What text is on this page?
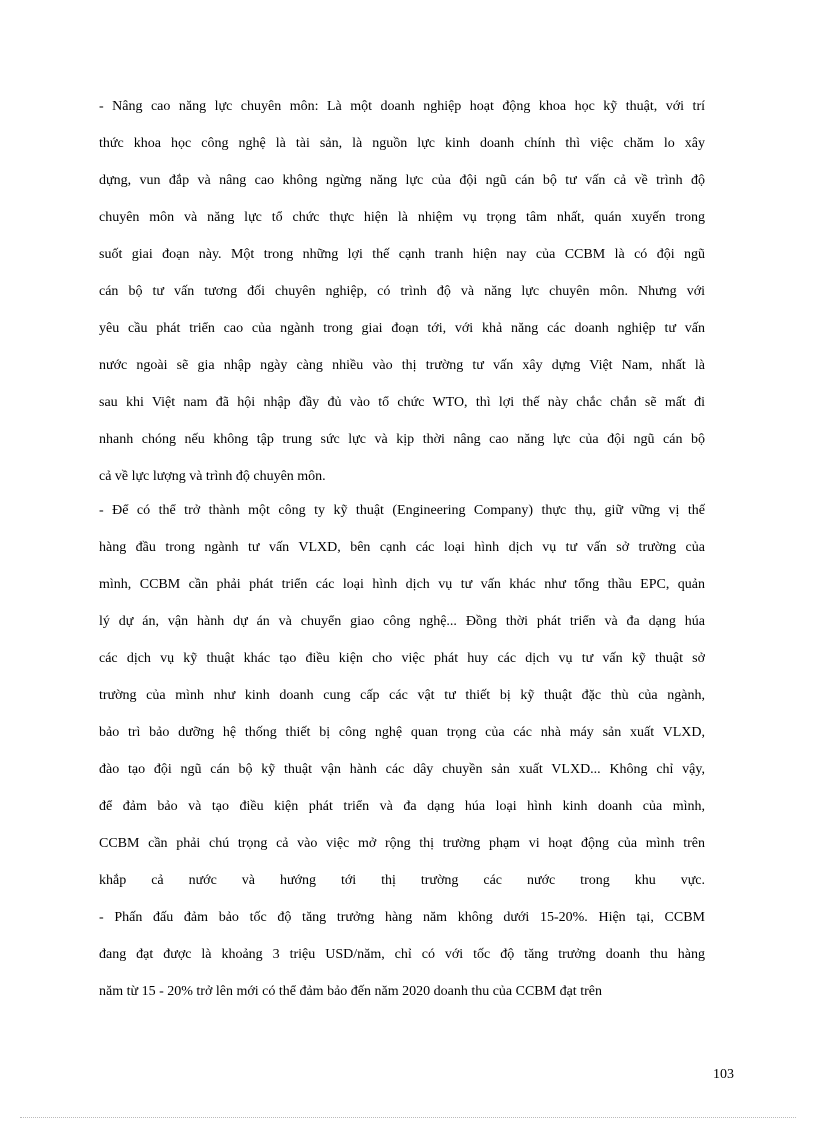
- Nâng cao năng lực chuyên môn: Là một doanh nghiệp hoạt động khoa học kỹ thuật, với trí
thức khoa học công nghệ là tài sản, là nguồn lực kinh doanh chính thì việc chăm lo xây
dựng, vun đắp và nâng cao không ngừng năng lực của đội ngũ cán bộ tư vấn cả về trình độ
chuyên môn và năng lực tổ chức thực hiện là nhiệm vụ trọng tâm nhất, quán xuyến trong
suốt giai đoạn này. Một trong những lợi thế cạnh tranh hiện nay của CCBM là có đội ngũ
cán bộ tư vấn tương đối chuyên nghiệp, có trình độ và năng lực chuyên môn. Nhưng với
yêu cầu phát triển cao của ngành trong giai đoạn tới, với khả năng các doanh nghiệp tư vấn
nước ngoài sẽ gia nhập ngày càng nhiều vào thị trường tư vấn xây dựng Việt Nam, nhất là
sau khi Việt nam đã hội nhập đầy đủ vào tổ chức WTO, thì lợi thế này chắc chắn sẽ mất đi
nhanh chóng nếu không tập trung sức lực và kịp thời nâng cao năng lực của đội ngũ cán bộ
cả về lực lượng và trình độ chuyên môn.
- Để có thể trở thành một công ty kỹ thuật (Engineering Company) thực thụ, giữ vững vị thế
hàng đầu trong ngành tư vấn VLXD, bên cạnh các loại hình dịch vụ tư vấn sở trường của
mình, CCBM cần phải phát triển các loại hình dịch vụ tư vấn khác như tổng thầu EPC, quản
lý dự án, vận hành dự án và chuyển giao công nghệ... Đồng thời phát triển và đa dạng húa
các dịch vụ kỹ thuật khác tạo điều kiện cho việc phát huy các dịch vụ tư vấn kỹ thuật sở
trường của mình như kinh doanh cung cấp các vật tư thiết bị kỹ thuật đặc thù của ngành,
bảo trì bảo dưỡng hệ thống thiết bị công nghệ quan trọng của các nhà máy sản xuất VLXD,
đào tạo đội ngũ cán bộ kỹ thuật vận hành các dây chuyền sản xuất VLXD... Không chỉ vậy,
để đảm bảo và tạo điều kiện phát triển và đa dạng húa loại hình kinh doanh của mình,
CCBM cần phải chú trọng cả vào việc mở rộng thị trường phạm vi hoạt động của mình trên
khắp cả nước và hướng tới thị trường các nước trong khu vực.
- Phấn đấu đảm bảo tốc độ tăng trưởng hàng năm không dưới 15-20%. Hiện tại, CCBM
đang đạt được là khoảng 3 triệu USD/năm, chỉ có với tốc độ tăng trưởng doanh thu hàng
năm từ 15 - 20% trở lên mới có thể đảm bảo đến năm 2020 doanh thu của CCBM đạt trên
103
